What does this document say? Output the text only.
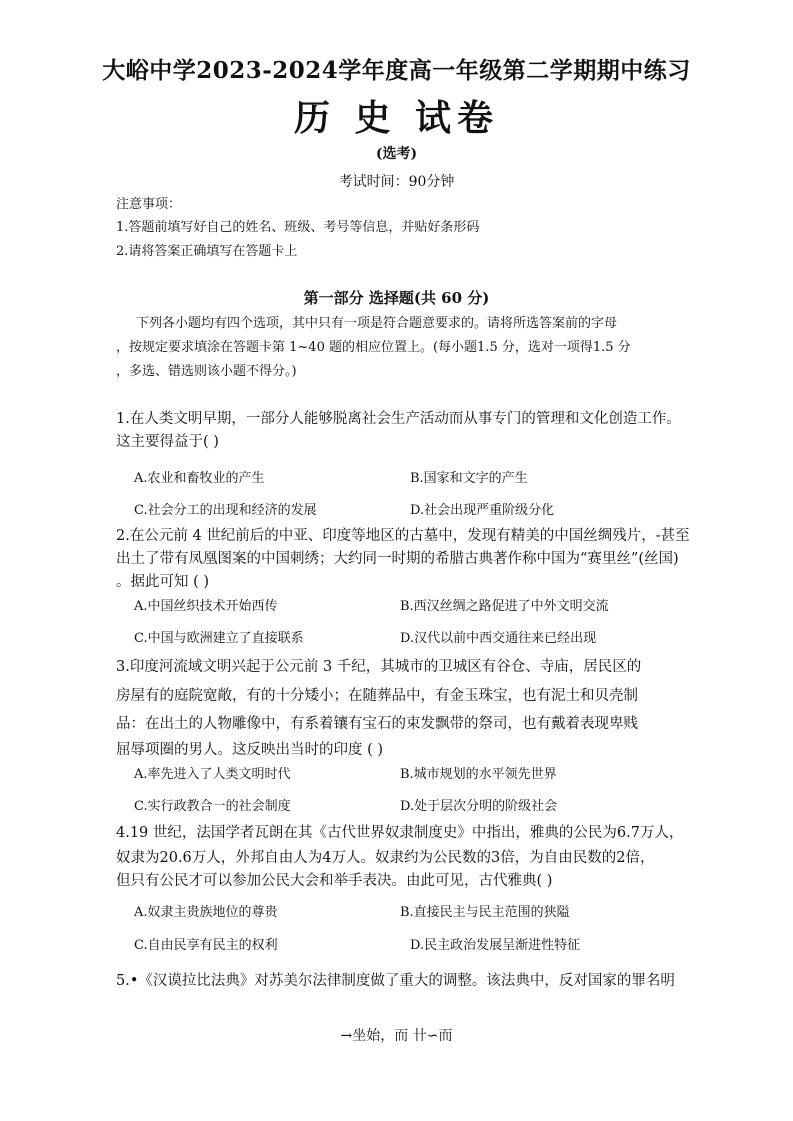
大峪中学2023-2024学年度高一年级第二学期期中练习
历 史 试卷
(选考)
考试时间：90分钟
注意事项：
1.答题前填写好自己的姓名、班级、考号等信息，并贴好条形码
2.请将答案正确填写在答题卡上
第一部分 选择题(共 60 分)
下列各小题均有四个选项，其中只有一项是符合题意要求的。请将所选答案前的字母
，按规定要求填涂在答题卡第 1~40 题的相应位置上。(每小题1.5 分，选对一项得1.5 分
，多选、错选则该小题不得分。)
1.在人类文明早期，一部分人能够脱离社会生产活动而从事专门的管理和文化创造工作。
这主要得益于( )
A.农业和畜牧业的产生	B.国家和文字的产生
C.社会分工的出现和经济的发展	D.社会出现严重阶级分化
2.在公元前 4 世纪前后的中亚、印度等地区的古墓中，发现有精美的中国丝绸残片，-甚至
出土了带有凤凰图案的中国刺绣；大约同一时期的希腊古典著作称中国为“赛里丝”(丝国)
。据此可知 ( )
A.中国丝织技术开始西传	B.西汉丝绸之路促进了中外文明交流
C.中国与欧洲建立了直接联系	D.汉代以前中西交通往来已经出现
3.印度河流域文明兴起于公元前 3 千纪，其城市的卫城区有谷仓、寺庙，居民区的
房屋有的庭院宽敞，有的十分矮小；在随葬品中，有金玉珠宝，也有泥土和贝壳制
品：在出土的人物雕像中，有系着镶有宝石的束发飘带的祭司，也有戴着表现卑贱
屈辱项圈的男人。这反映出当时的印度 ( )
A.率先进入了人类文明时代	B.城市规划的水平领先世界
C.实行政教合一的社会制度	D.处于层次分明的阶级社会
4.19 世纪，法国学者瓦朗在其《古代世界奴隶制度史》中指出，雅典的公民为6.7万人，
奴隶为20.6万人，外邦自由人为4万人。奴隶约为公民数的3倍，为自由民数的2倍，
但只有公民才可以参加公民大会和举手表决。由此可见，古代雅典( )
A.奴隶主贵族地位的尊贵	B.直接民主与民主范围的狭隘
C.自由民享有民主的权利	D.民主政治发展呈渐进性特征
5.•《汉谟拉比法典》对苏美尔法律制度做了重大的调整。该法典中，反对国家的罪名明
→坐始，而 卄∽而
